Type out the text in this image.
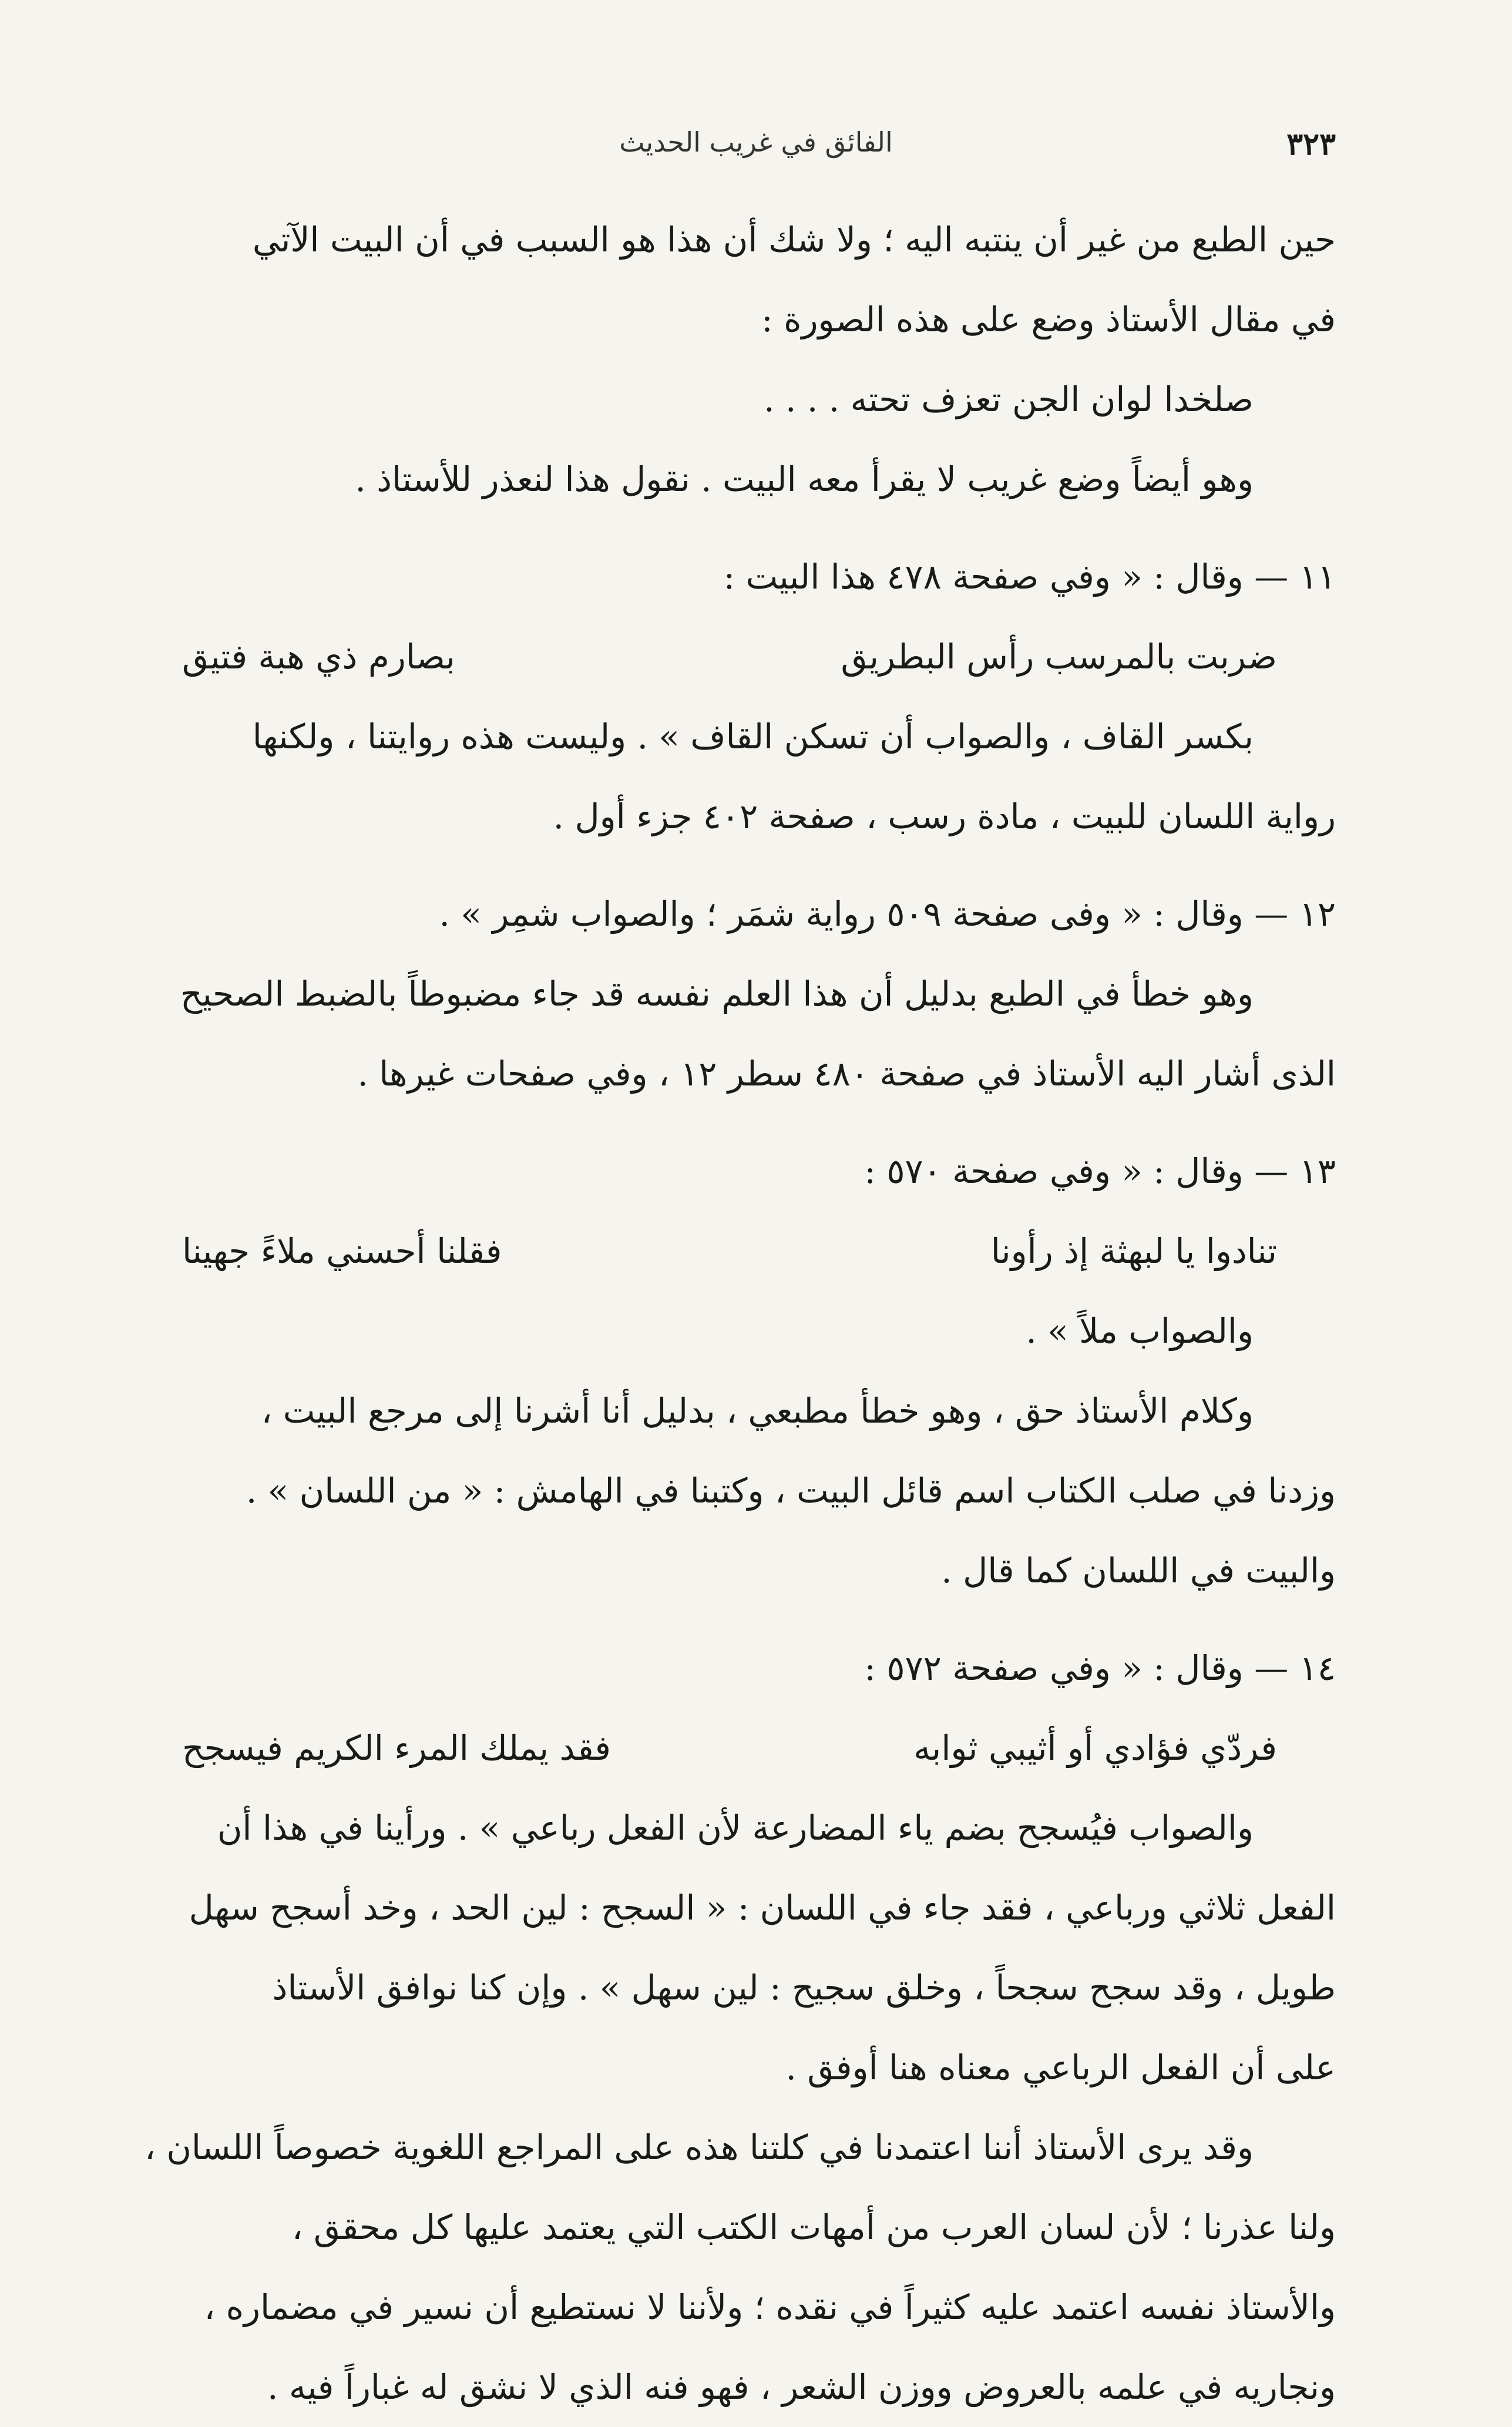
٣٢٣
الفائق في غريب الحديث
حين الطبع من غير أن ينتبه اليه ؛ ولا شك أن هذا هو السبب في أن البيت الآتي
في مقال الأستاذ وضع على هذه الصورة :
صلخدا لوان الجن تعزف تحته . . . .
وهو أيضاً وضع غريب لا يقرأ معه البيت . نقول هذا لنعذر للأستاذ .
١١ — وقال : « وفي صفحة ٤٧٨ هذا البيت :
ضربت بالمرسب رأس البطريق
بصارم ذي هبة فتيق
بكسر القاف ، والصواب أن تسكن القاف » . وليست هذه روايتنا ، ولكنها
رواية اللسان للبيت ، مادة رسب ، صفحة ٤٠٢ جزء أول .
١٢ — وقال : « وفى صفحة ٥٠٩ رواية شمَر ؛ والصواب شمِر » .
وهو خطأ في الطبع بدليل أن هذا العلم نفسه قد جاء مضبوطاً بالضبط الصحيح
الذى أشار اليه الأستاذ في صفحة ٤٨٠ سطر ١٢ ، وفي صفحات غيرها .
١٣ — وقال : « وفي صفحة ٥٧٠ :
تنادوا يا لبهثة إذ رأونا
فقلنا أحسني ملاءً جهينا
والصواب ملاً » .
وكلام الأستاذ حق ، وهو خطأ مطبعي ، بدليل أنا أشرنا إلى مرجع البيت ،
وزدنا في صلب الكتاب اسم قائل البيت ، وكتبنا في الهامش : « من اللسان » .
والبيت في اللسان كما قال .
١٤ — وقال : « وفي صفحة ٥٧٢ :
فردّي فؤادي أو أثيبي ثوابه
فقد يملك المرء الكريم فيسجح
والصواب فيُسجح بضم ياء المضارعة لأن الفعل رباعي » . ورأينا في هذا أن
الفعل ثلاثي ورباعي ، فقد جاء في اللسان : « السجح : لين الحد ، وخد أسجح سهل
طويل ، وقد سجح سجحاً ، وخلق سجيح : لين سهل » . وإن كنا نوافق الأستاذ
على أن الفعل الرباعي معناه هنا أوفق .
وقد يرى الأستاذ أننا اعتمدنا في كلتنا هذه على المراجع اللغوية خصوصاً اللسان ،
ولنا عذرنا ؛ لأن لسان العرب من أمهات الكتب التي يعتمد عليها كل محقق ،
والأستاذ نفسه اعتمد عليه كثيراً في نقده ؛ ولأننا لا نستطيع أن نسير في مضماره ،
ونجاريه في علمه بالعروض ووزن الشعر ، فهو فنه الذي لا نشق له غباراً فيه .
